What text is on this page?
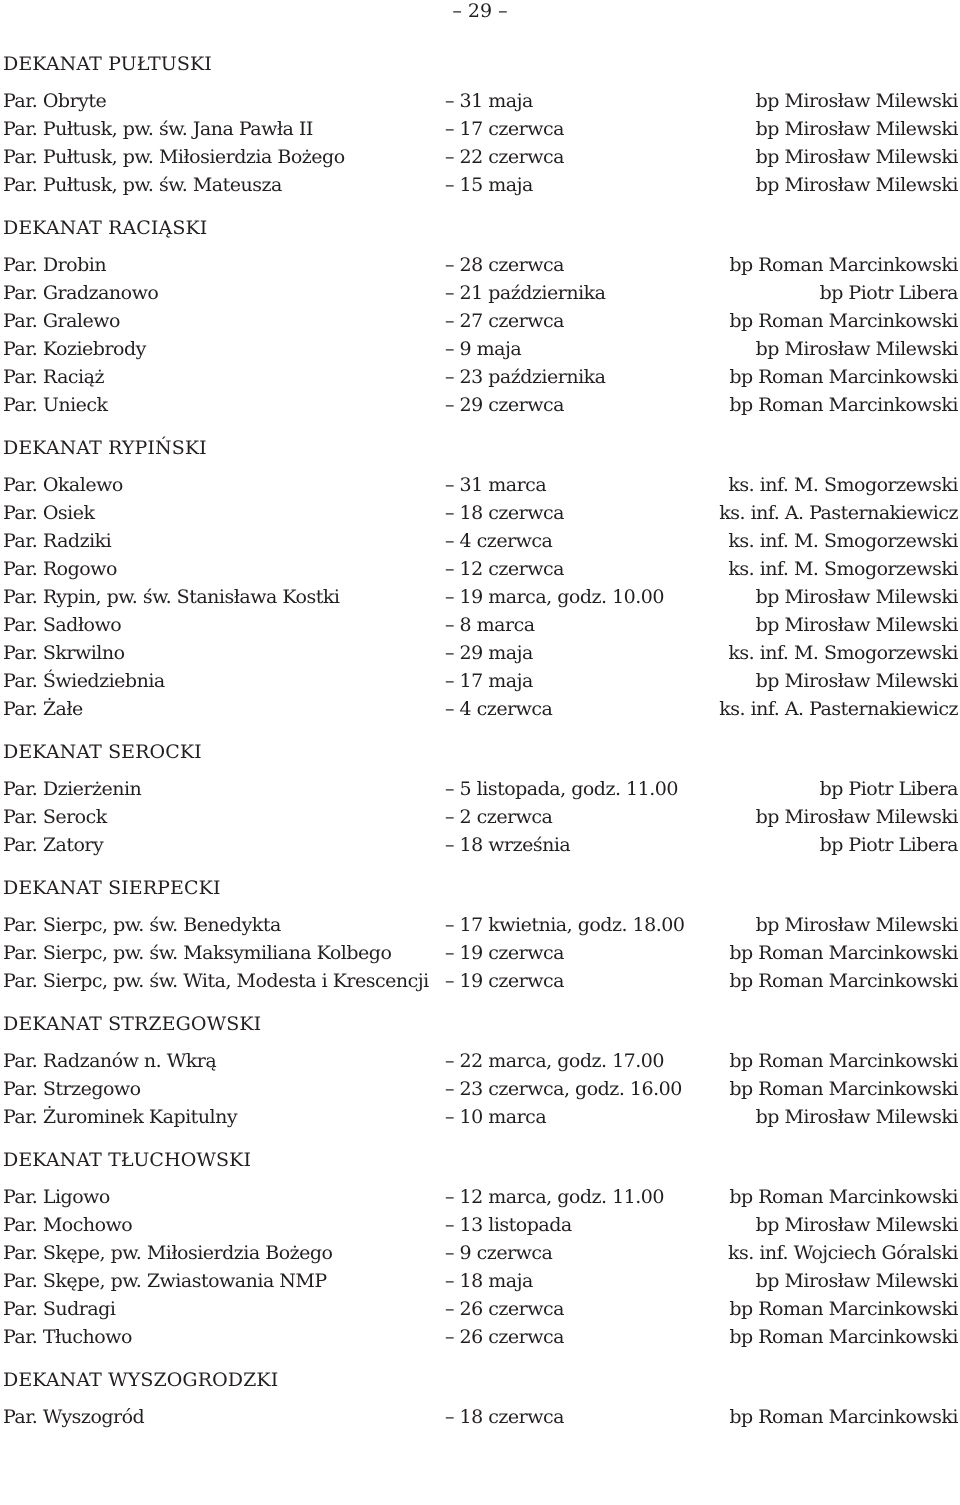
– 29 –
DEKANAT PUŁTUSKI
Par. Obryte	– 31 maja	bp Mirosław Milewski
Par. Pułtusk, pw. św. Jana Pawła II	– 17 czerwca	bp Mirosław Milewski
Par. Pułtusk, pw. Miłosierdzia Bożego	– 22 czerwca	bp Mirosław Milewski
Par. Pułtusk, pw. św. Mateusza	– 15 maja	bp Mirosław Milewski
DEKANAT RACIĄSKI
Par. Drobin	– 28 czerwca	bp Roman Marcinkowski
Par. Gradzanowo	– 21 października	bp Piotr Libera
Par. Gralewo	– 27 czerwca	bp Roman Marcinkowski
Par. Koziebrody	– 9 maja	bp Mirosław Milewski
Par. Raciąż	– 23 października	bp Roman Marcinkowski
Par. Unieck	– 29 czerwca	bp Roman Marcinkowski
DEKANAT RYPIŃSKI
Par. Okalewo	– 31 marca	ks. inf. M. Smogorzewski
Par. Osiek	– 18 czerwca	ks. inf. A. Pasternakiewicz
Par. Radziki	– 4 czerwca	ks. inf. M. Smogorzewski
Par. Rogowo	– 12 czerwca	ks. inf. M. Smogorzewski
Par. Rypin, pw. św. Stanisława Kostki	– 19 marca, godz. 10.00	bp Mirosław Milewski
Par. Sadłowo	– 8 marca	bp Mirosław Milewski
Par. Skrwilno	– 29 maja	ks. inf. M. Smogorzewski
Par. Świedziebnia	– 17 maja	bp Mirosław Milewski
Par. Żałe	– 4 czerwca	ks. inf. A. Pasternakiewicz
DEKANAT SEROCKI
Par. Dzierżenin	– 5 listopada, godz. 11.00	bp Piotr Libera
Par. Serock	– 2 czerwca	bp Mirosław Milewski
Par. Zatory	– 18 września	bp Piotr Libera
DEKANAT SIERPECKI
Par. Sierpc, pw. św. Benedykta	– 17 kwietnia, godz. 18.00	bp Mirosław Milewski
Par. Sierpc, pw. św. Maksymiliana Kolbego	– 19 czerwca	bp Roman Marcinkowski
Par. Sierpc, pw. św. Wita, Modesta i Krescencji – 19 czerwca	bp Roman Marcinkowski
DEKANAT STRZEGOWSKI
Par. Radzanów n. Wkrą	– 22 marca, godz. 17.00	bp Roman Marcinkowski
Par. Strzegowo	– 23 czerwca, godz. 16.00	bp Roman Marcinkowski
Par. Żurominek Kapitulny	– 10 marca	bp Mirosław Milewski
DEKANAT TŁUCHOWSKI
Par. Ligowo	– 12 marca, godz. 11.00	bp Roman Marcinkowski
Par. Mochowo	– 13 listopada	bp Mirosław Milewski
Par. Skępe, pw. Miłosierdzia Bożego	– 9 czerwca	ks. inf. Wojciech Góralski
Par. Skępe, pw. Zwiastowania NMP	– 18 maja	bp Mirosław Milewski
Par. Sudragi	– 26 czerwca	bp Roman Marcinkowski
Par. Tłuchowo	– 26 czerwca	bp Roman Marcinkowski
DEKANAT WYSZOGRODZKI
Par. Wyszogród	– 18 czerwca	bp Roman Marcinkowski
